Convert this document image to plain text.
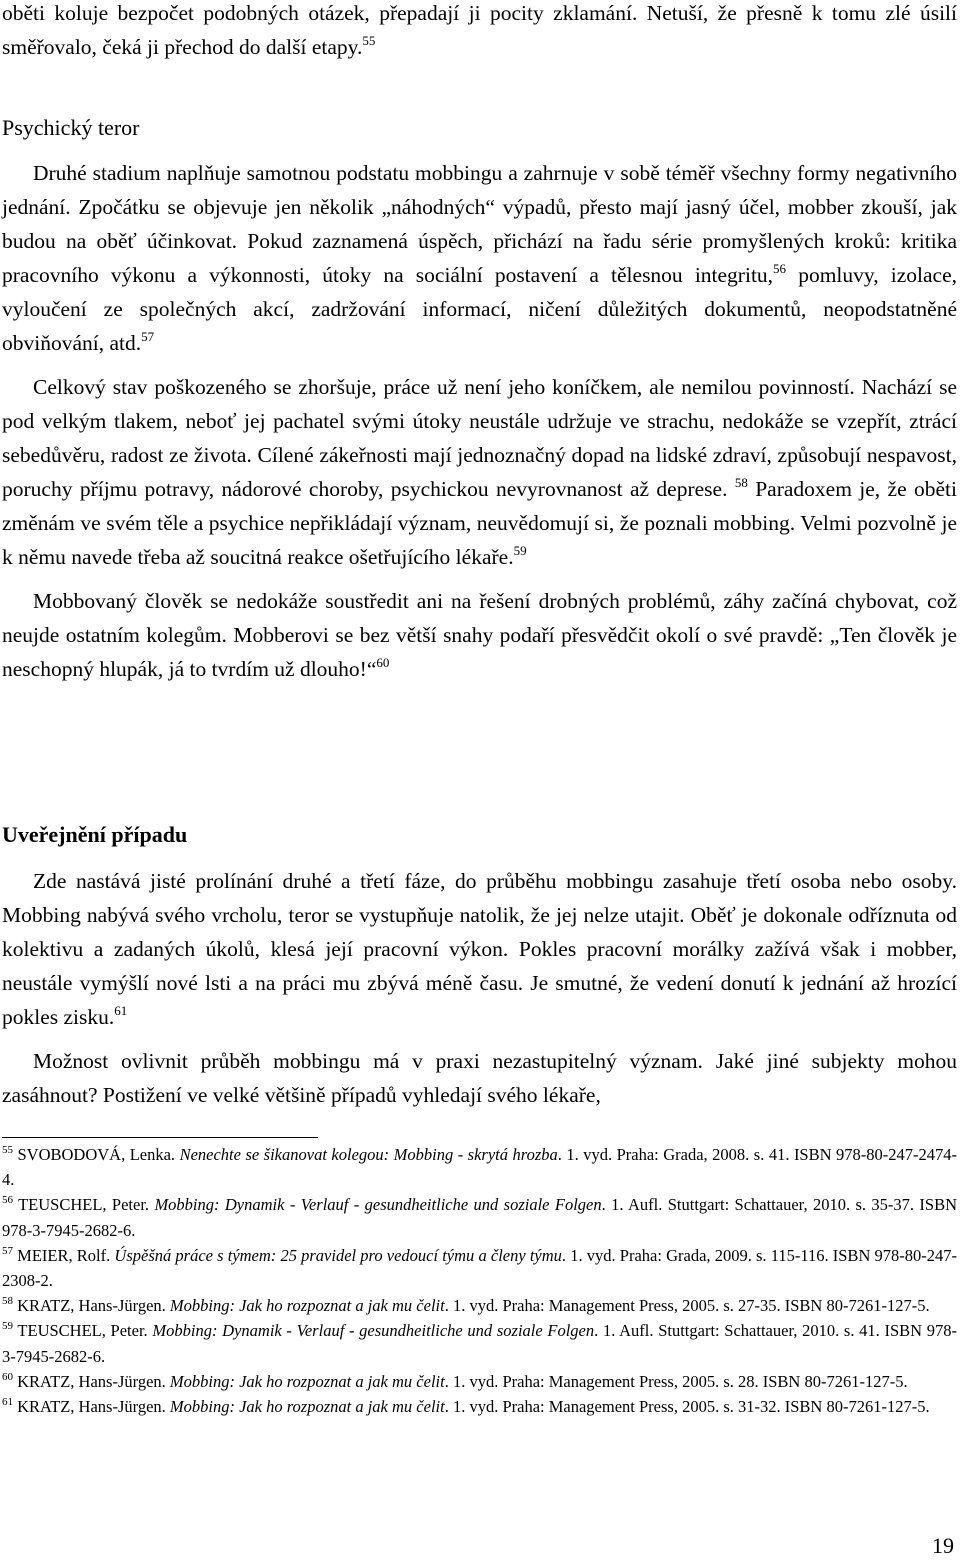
oběti koluje bezpočet podobných otázek, přepadají ji pocity zklamání. Netuší, že přesně k tomu zlé úsilí směřovalo, čeká ji přechod do další etapy.$^{55}$

Psychický teror

Druhé stadium naplňuje samotnou podstatu mobbingu a zahrnuje v sobě téměř všechny formy negativního jednání. Zpočátku se objevuje jen několik „náhodných“ výpadů, přesto mají jasný účel, mobber zkouší, jak budou na oběť účinkovat. Pokud zaznamená úspěch, přichází na řadu série promyšlených kroků: kritika pracovního výkonu a výkonnosti, útoky na sociální postavení a tělesnou integritu,$^{56}$ pomluvy, izolace, vyloučení ze společných akcí, zadržování informací, ničení důležitých dokumentů, neopodstatněné obviňování, atd.$^{57}$

Celkový stav poškozeného se zhoršuje, práce už není jeho koníčkem, ale nemilou povinností. Nachází se pod velkým tlakem, neboť jej pachatel svými útoky neustále udržuje ve strachu, nedokáže se vzepřít, ztrácí sebedůvěru, radost ze života. Cílené zákeřnosti mají jednoznačný dopad na lidské zdraví, způsobují nespavost, poruchy příjmu potravy, nádorové choroby, psychickou nevyrovnanost až deprese. $^{58}$ Paradoxem je, že oběti změnám ve svém těle a psychice nepřikládají význam, neuvědomují si, že poznali mobbing. Velmi pozvolně je k němu navede třeba až soucitná reakce ošetřujícího lékaře.$^{59}$

Mobbovaný člověk se nedokáže soustředit ani na řešení drobných problémů, záhy začíná chybovat, což neujde ostatním kolegům. Mobberovi se bez větší snahy podaří přesvědčit okolí o své pravdě: „Ten člověk je neschopný hlupák, já to tvrdím už dlouho!“$^{60}$

Uveřejnění případu

Zde nastává jisté prolínání druhé a třetí fáze, do průběhu mobbingu zasahuje třetí osoba nebo osoby. Mobbing nabývá svého vrcholu, teror se vystupňuje natolik, že jej nelze utajit. Oběť je dokonale odříznuta od kolektivu a zadaných úkolů, klesá její pracovní výkon. Pokles pracovní morálky zažívá však i mobber, neustále vymýšlí nové lsti a na práci mu zbývá méně času. Je smutné, že vedení donutí k jednání až hrozící pokles zisku.$^{61}$

Možnost ovlivnit průběh mobbingu má v praxi nezastupitelný význam. Jaké jiné subjekty mohou zasáhnout? Postižení ve velké většině případů vyhledají svého lékaře,

$^{55}$ SVOBODOVÁ, Lenka. Nenechte se šikanovat kolegou: Mobbing - skrytá hrozba. 1. vyd. Praha: Grada, 2008. s. 41. ISBN 978-80-247-2474-4.

$^{56}$ TEUSCHEL, Peter. Mobbing: Dynamik - Verlauf - gesundheitliche und soziale Folgen. 1. Aufl. Stuttgart: Schattauer, 2010. s. 35-37. ISBN 978-3-7945-2682-6.

$^{57}$ MEIER, Rolf. Úspěšná práce s týmem: 25 pravidel pro vedoucí týmu a členy týmu. 1. vyd. Praha: Grada, 2009. s. 115-116. ISBN 978-80-247-2308-2.

$^{58}$ KRATZ, Hans-Jürgen. Mobbing: Jak ho rozpoznat a jak mu čelit. 1. vyd. Praha: Management Press, 2005. s. 27-35. ISBN 80-7261-127-5.

$^{59}$ TEUSCHEL, Peter. Mobbing: Dynamik - Verlauf - gesundheitliche und soziale Folgen. 1. Aufl. Stuttgart: Schattauer, 2010. s. 41. ISBN 978-3-7945-2682-6.

$^{60}$ KRATZ, Hans-Jürgen. Mobbing: Jak ho rozpoznat a jak mu čelit. 1. vyd. Praha: Management Press, 2005. s. 28. ISBN 80-7261-127-5.

$^{61}$ KRATZ, Hans-Jürgen. Mobbing: Jak ho rozpoznat a jak mu čelit. 1. vyd. Praha: Management Press, 2005. s. 31-32. ISBN 80-7261-127-5.

19
